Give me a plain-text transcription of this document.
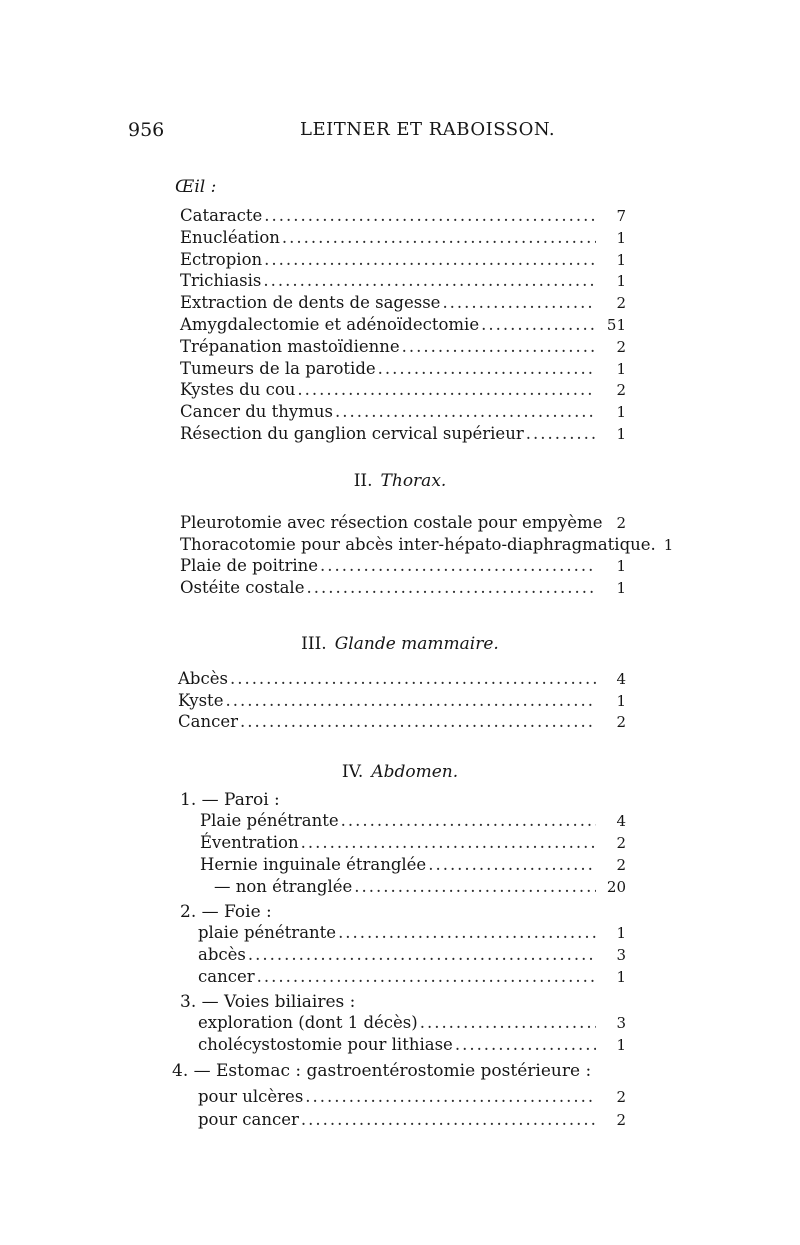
956	LEITNER ET RABOISSON.
Œil :
II. Thorax.
III. Glande mammaire.
IV. Abdomen.
1. — Paroi :
2. — Foie :
3. — Voies biliaires :
4. — Estomac : gastroentérostomie postérieure :
Cataracte .....	7
Enucléation .....	1
Ectropion .....	1
Trichiasis .....	1
Extraction de dents de sagesse .....	2
Amygdalectomie et adénoïdectomie .....	51
Trépanation mastoïdienne .....	2
Tumeurs de la parotide .....	1
Kystes du cou .....	2
Cancer du thymus .....	1
Résection du ganglion cervical supérieur .....	1
Pleurotomie avec résection costale pour empyème 2
Thoracotomie pour abcès inter-hépato-diaphragmatique. 1
Plaie de poitrine .....	1
Ostéite costale .....	1
Abcès .....	4
Kyste .....	1
Cancer .....	2
Plaie pénétrante .....	4
Éventration .....	2
Hernie inguinale étranglée .....	2
— non étranglée .....	20
plaie pénétrante .....	1
abcès .....	3
cancer .....	1
exploration (dont 1 décès) .....	3
cholécystostomie pour lithiase .....	1
pour ulcères .....	2
pour cancer .....	2
